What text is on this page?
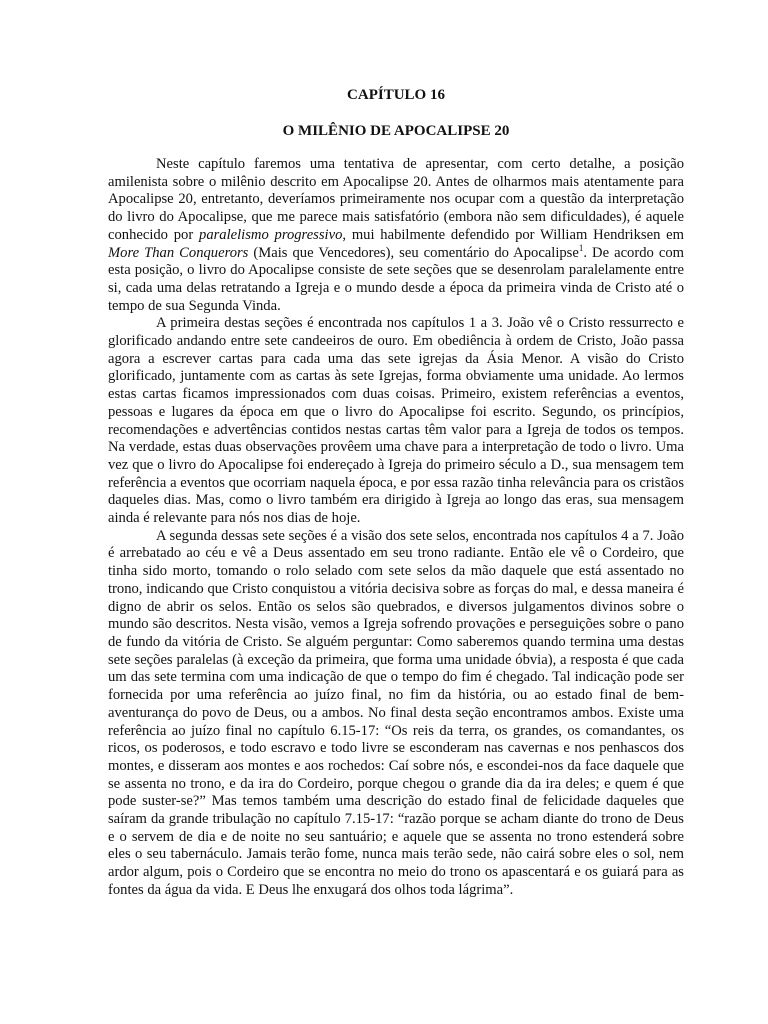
CAPÍTULO 16
O MILÊNIO DE APOCALIPSE 20

Neste capítulo faremos uma tentativa de apresentar, com certo detalhe, a posição amilenista sobre o milênio descrito em Apocalipse 20. Antes de olharmos mais atentamente para Apocalipse 20, entretanto, deveríamos primeiramente nos ocupar com a questão da interpretação do livro do Apocalipse, que me parece mais satisfatório (embora não sem dificuldades), é aquele conhecido por paralelismo progressivo, mui habilmente defendido por William Hendriksen em More Than Conquerors (Mais que Vencedores), seu comentário do Apocalipse$^1$. De acordo com esta posição, o livro do Apocalipse consiste de sete seções que se desenrolam paralelamente entre si, cada uma delas retratando a Igreja e o mundo desde a época da primeira vinda de Cristo até o tempo de sua Segunda Vinda.

A primeira destas seções é encontrada nos capítulos 1 a 3. João vê o Cristo ressurrecto e glorificado andando entre sete candeeiros de ouro. Em obediência à ordem de Cristo, João passa agora a escrever cartas para cada uma das sete igrejas da Ásia Menor. A visão do Cristo glorificado, juntamente com as cartas às sete Igrejas, forma obviamente uma unidade. Ao lermos estas cartas ficamos impressionados com duas coisas. Primeiro, existem referências a eventos, pessoas e lugares da época em que o livro do Apocalipse foi escrito. Segundo, os princípios, recomendações e advertências contidos nestas cartas têm valor para a Igreja de todos os tempos. Na verdade, estas duas observações provêem uma chave para a interpretação de todo o livro. Uma vez que o livro do Apocalipse foi endereçado à Igreja do primeiro século a D., sua mensagem tem referência a eventos que ocorriam naquela época, e por essa razão tinha relevância para os cristãos daqueles dias. Mas, como o livro também era dirigido à Igreja ao longo das eras, sua mensagem ainda é relevante para nós nos dias de hoje.

A segunda dessas sete seções é a visão dos sete selos, encontrada nos capítulos 4 a 7. João é arrebatado ao céu e vê a Deus assentado em seu trono radiante. Então ele vê o Cordeiro, que tinha sido morto, tomando o rolo selado com sete selos da mão daquele que está assentado no trono, indicando que Cristo conquistou a vitória decisiva sobre as forças do mal, e dessa maneira é digno de abrir os selos. Então os selos são quebrados, e diversos julgamentos divinos sobre o mundo são descritos. Nesta visão, vemos a Igreja sofrendo provações e perseguições sobre o pano de fundo da vitória de Cristo. Se alguém perguntar: Como saberemos quando termina uma destas sete seções paralelas (à exceção da primeira, que forma uma unidade óbvia), a resposta é que cada um das sete termina com uma indicação de que o tempo do fim é chegado. Tal indicação pode ser fornecida por uma referência ao juízo final, no fim da história, ou ao estado final de bem-aventurança do povo de Deus, ou a ambos. No final desta seção encontramos ambos. Existe uma referência ao juízo final no capítulo 6.15-17: “Os reis da terra, os grandes, os comandantes, os ricos, os poderosos, e todo escravo e todo livre se esconderam nas cavernas e nos penhascos dos montes, e disseram aos montes e aos rochedos: Caí sobre nós, e escondei-nos da face daquele que se assenta no trono, e da ira do Cordeiro, porque chegou o grande dia da ira deles; e quem é que pode suster-se?” Mas temos também uma descrição do estado final de felicidade daqueles que saíram da grande tribulação no capítulo 7.15-17: “razão porque se acham diante do trono de Deus e o servem de dia e de noite no seu santuário; e aquele que se assenta no trono estenderá sobre eles o seu tabernáculo. Jamais terão fome, nunca mais terão sede, não cairá sobre eles o sol, nem ardor algum, pois o Cordeiro que se encontra no meio do trono os apascentará e os guiará para as fontes da água da vida. E Deus lhe enxugará dos olhos toda lágrima”.
